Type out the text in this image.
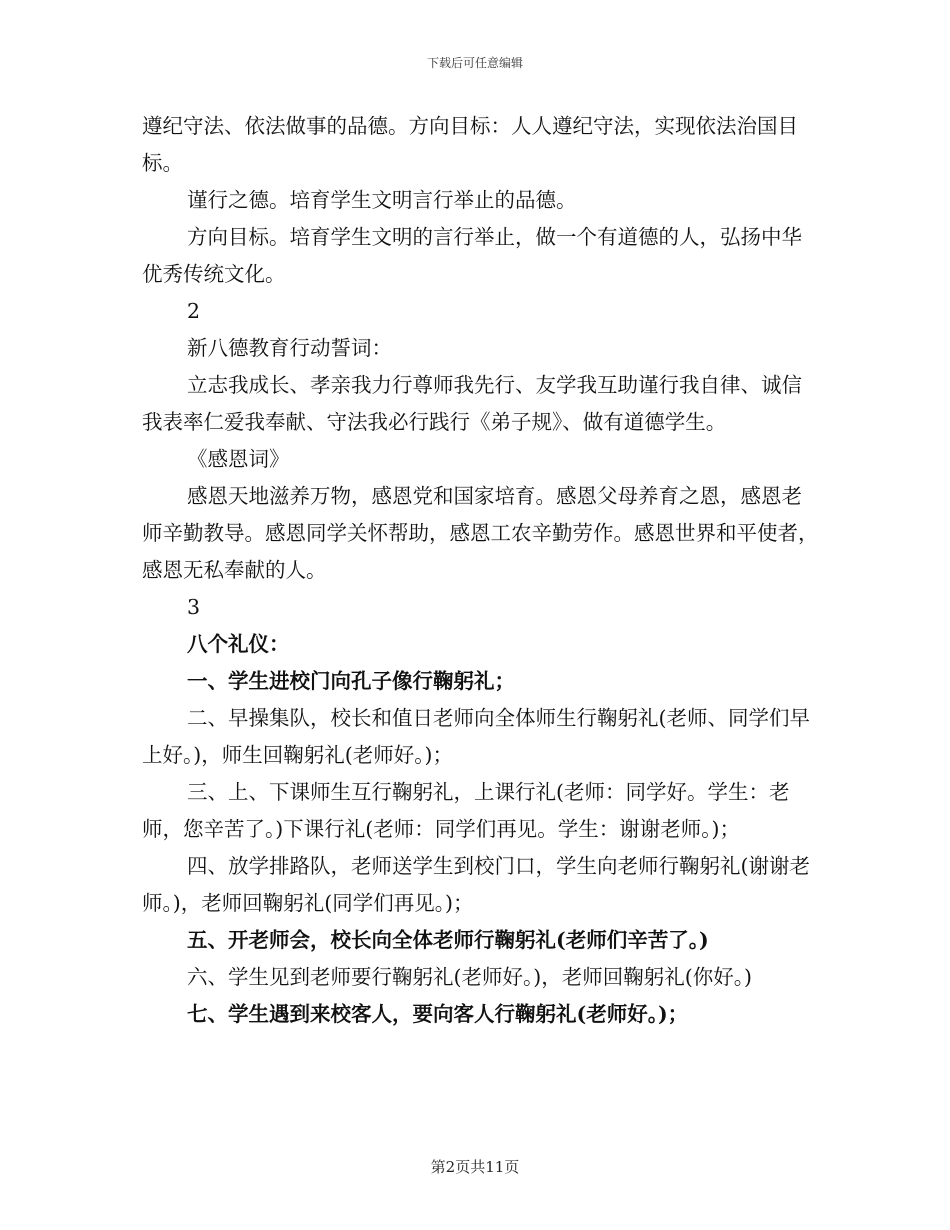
下载后可任意编辑

遵纪守法、依法做事的品德。方向目标：人人遵纪守法，实现依法治国目标。

谨行之德。培育学生文明言行举止的品德。

方向目标。培育学生文明的言行举止，做一个有道德的人，弘扬中华优秀传统文化。

2

新八德教育行动誓词：

立志我成长、孝亲我力行尊师我先行、友学我互助谨行我自律、诚信我表率仁爱我奉献、守法我必行践行《弟子规》、做有道德学生。

《感恩词》

感恩天地滋养万物，感恩党和国家培育。感恩父母养育之恩，感恩老师辛勤教导。感恩同学关怀帮助，感恩工农辛勤劳作。感恩世界和平使者，感恩无私奉献的人。

3

八个礼仪：

一、学生进校门向孔子像行鞠躬礼；

二、早操集队，校长和值日老师向全体师生行鞠躬礼(老师、同学们早上好。)，师生回鞠躬礼(老师好。)；

三、上、下课师生互行鞠躬礼，上课行礼(老师：同学好。学生：老师，您辛苦了。)下课行礼(老师：同学们再见。学生：谢谢老师。)；

四、放学排路队，老师送学生到校门口，学生向老师行鞠躬礼(谢谢老师。)，老师回鞠躬礼(同学们再见。)；

五、开老师会，校长向全体老师行鞠躬礼(老师们辛苦了。)

六、学生见到老师要行鞠躬礼(老师好。)，老师回鞠躬礼(你好。)

七、学生遇到来校客人，要向客人行鞠躬礼(老师好。)；

第2页共11页
